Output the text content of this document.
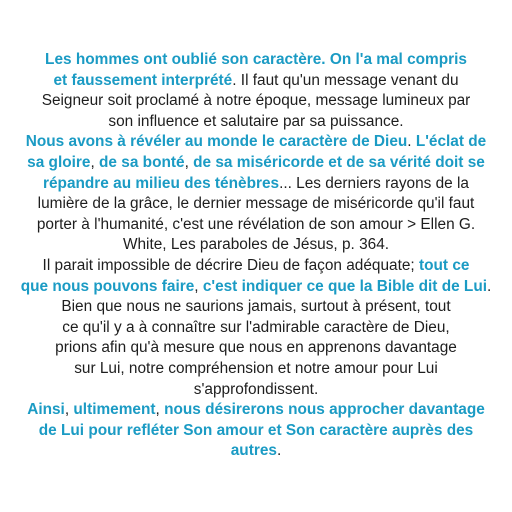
Les hommes ont oublié son caractère. On l'a mal compris
et faussement interprété. Il faut qu'un message venant du
Seigneur soit proclamé à notre époque, message lumineux par
son influence et salutaire par sa puissance.
Nous avons à révéler au monde le caractère de Dieu. L'éclat de
sa gloire, de sa bonté, de sa miséricorde et de sa vérité doit se
répandre au milieu des ténèbres... Les derniers rayons de la
lumière de la grâce, le dernier message de miséricorde qu'il faut
porter à l'humanité, c'est une révélation de son amour > Ellen G.
White, Les paraboles de Jésus, p. 364.
Il parait impossible de décrire Dieu de façon adéquate; tout ce
que nous pouvons faire, c'est indiquer ce que la Bible dit de Lui.
Bien que nous ne saurions jamais, surtout à présent, tout
ce qu'il y a à connaître sur l'admirable caractère de Dieu,
prions afin qu'à mesure que nous en apprenons davantage
sur Lui, notre compréhension et notre amour pour Lui
s'approfondissent.
Ainsi, ultimement, nous désirerons nous approcher davantage
de Lui pour refléter Son amour et Son caractère auprès des
autres.
